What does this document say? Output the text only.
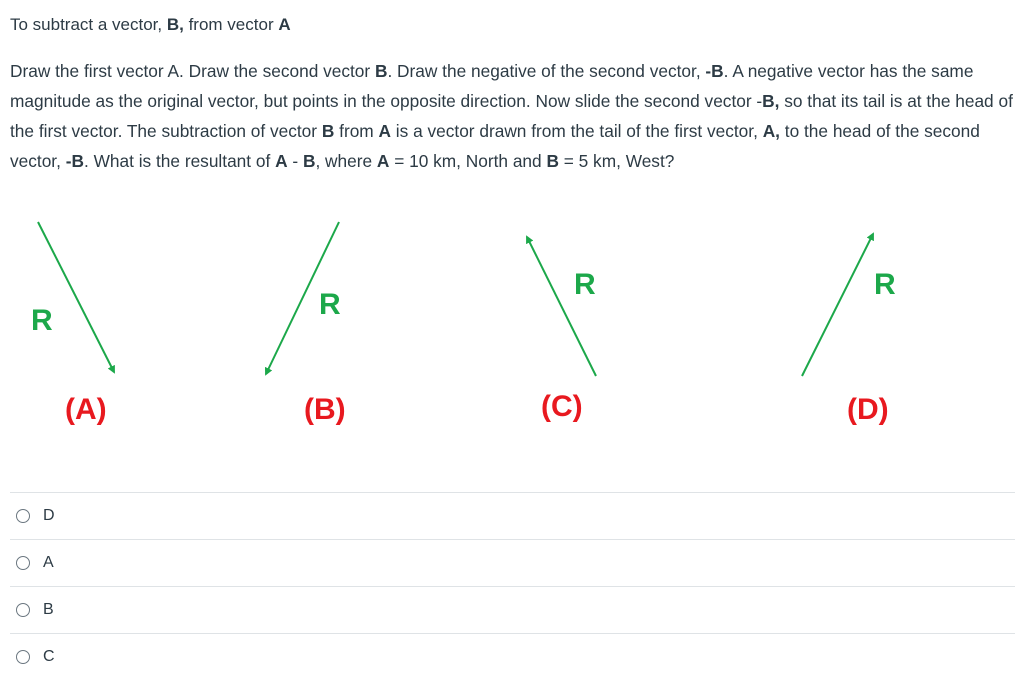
To subtract a vector, B, from vector A

Draw the first vector A. Draw the second vector B. Draw the negative of the second vector, -B. A negative vector has the same magnitude as the original vector, but points in the opposite direction. Now slide the second vector -B, so that its tail is at the head of the first vector. The subtraction of vector B from A is a vector drawn from the tail of the first vector, A, to the head of the second vector, -B. What is the resultant of A - B, where A = 10 km, North and B = 5 km, West?

R
(A)
R
(B)
R
(C)
R
(D)
D
A
B
C
